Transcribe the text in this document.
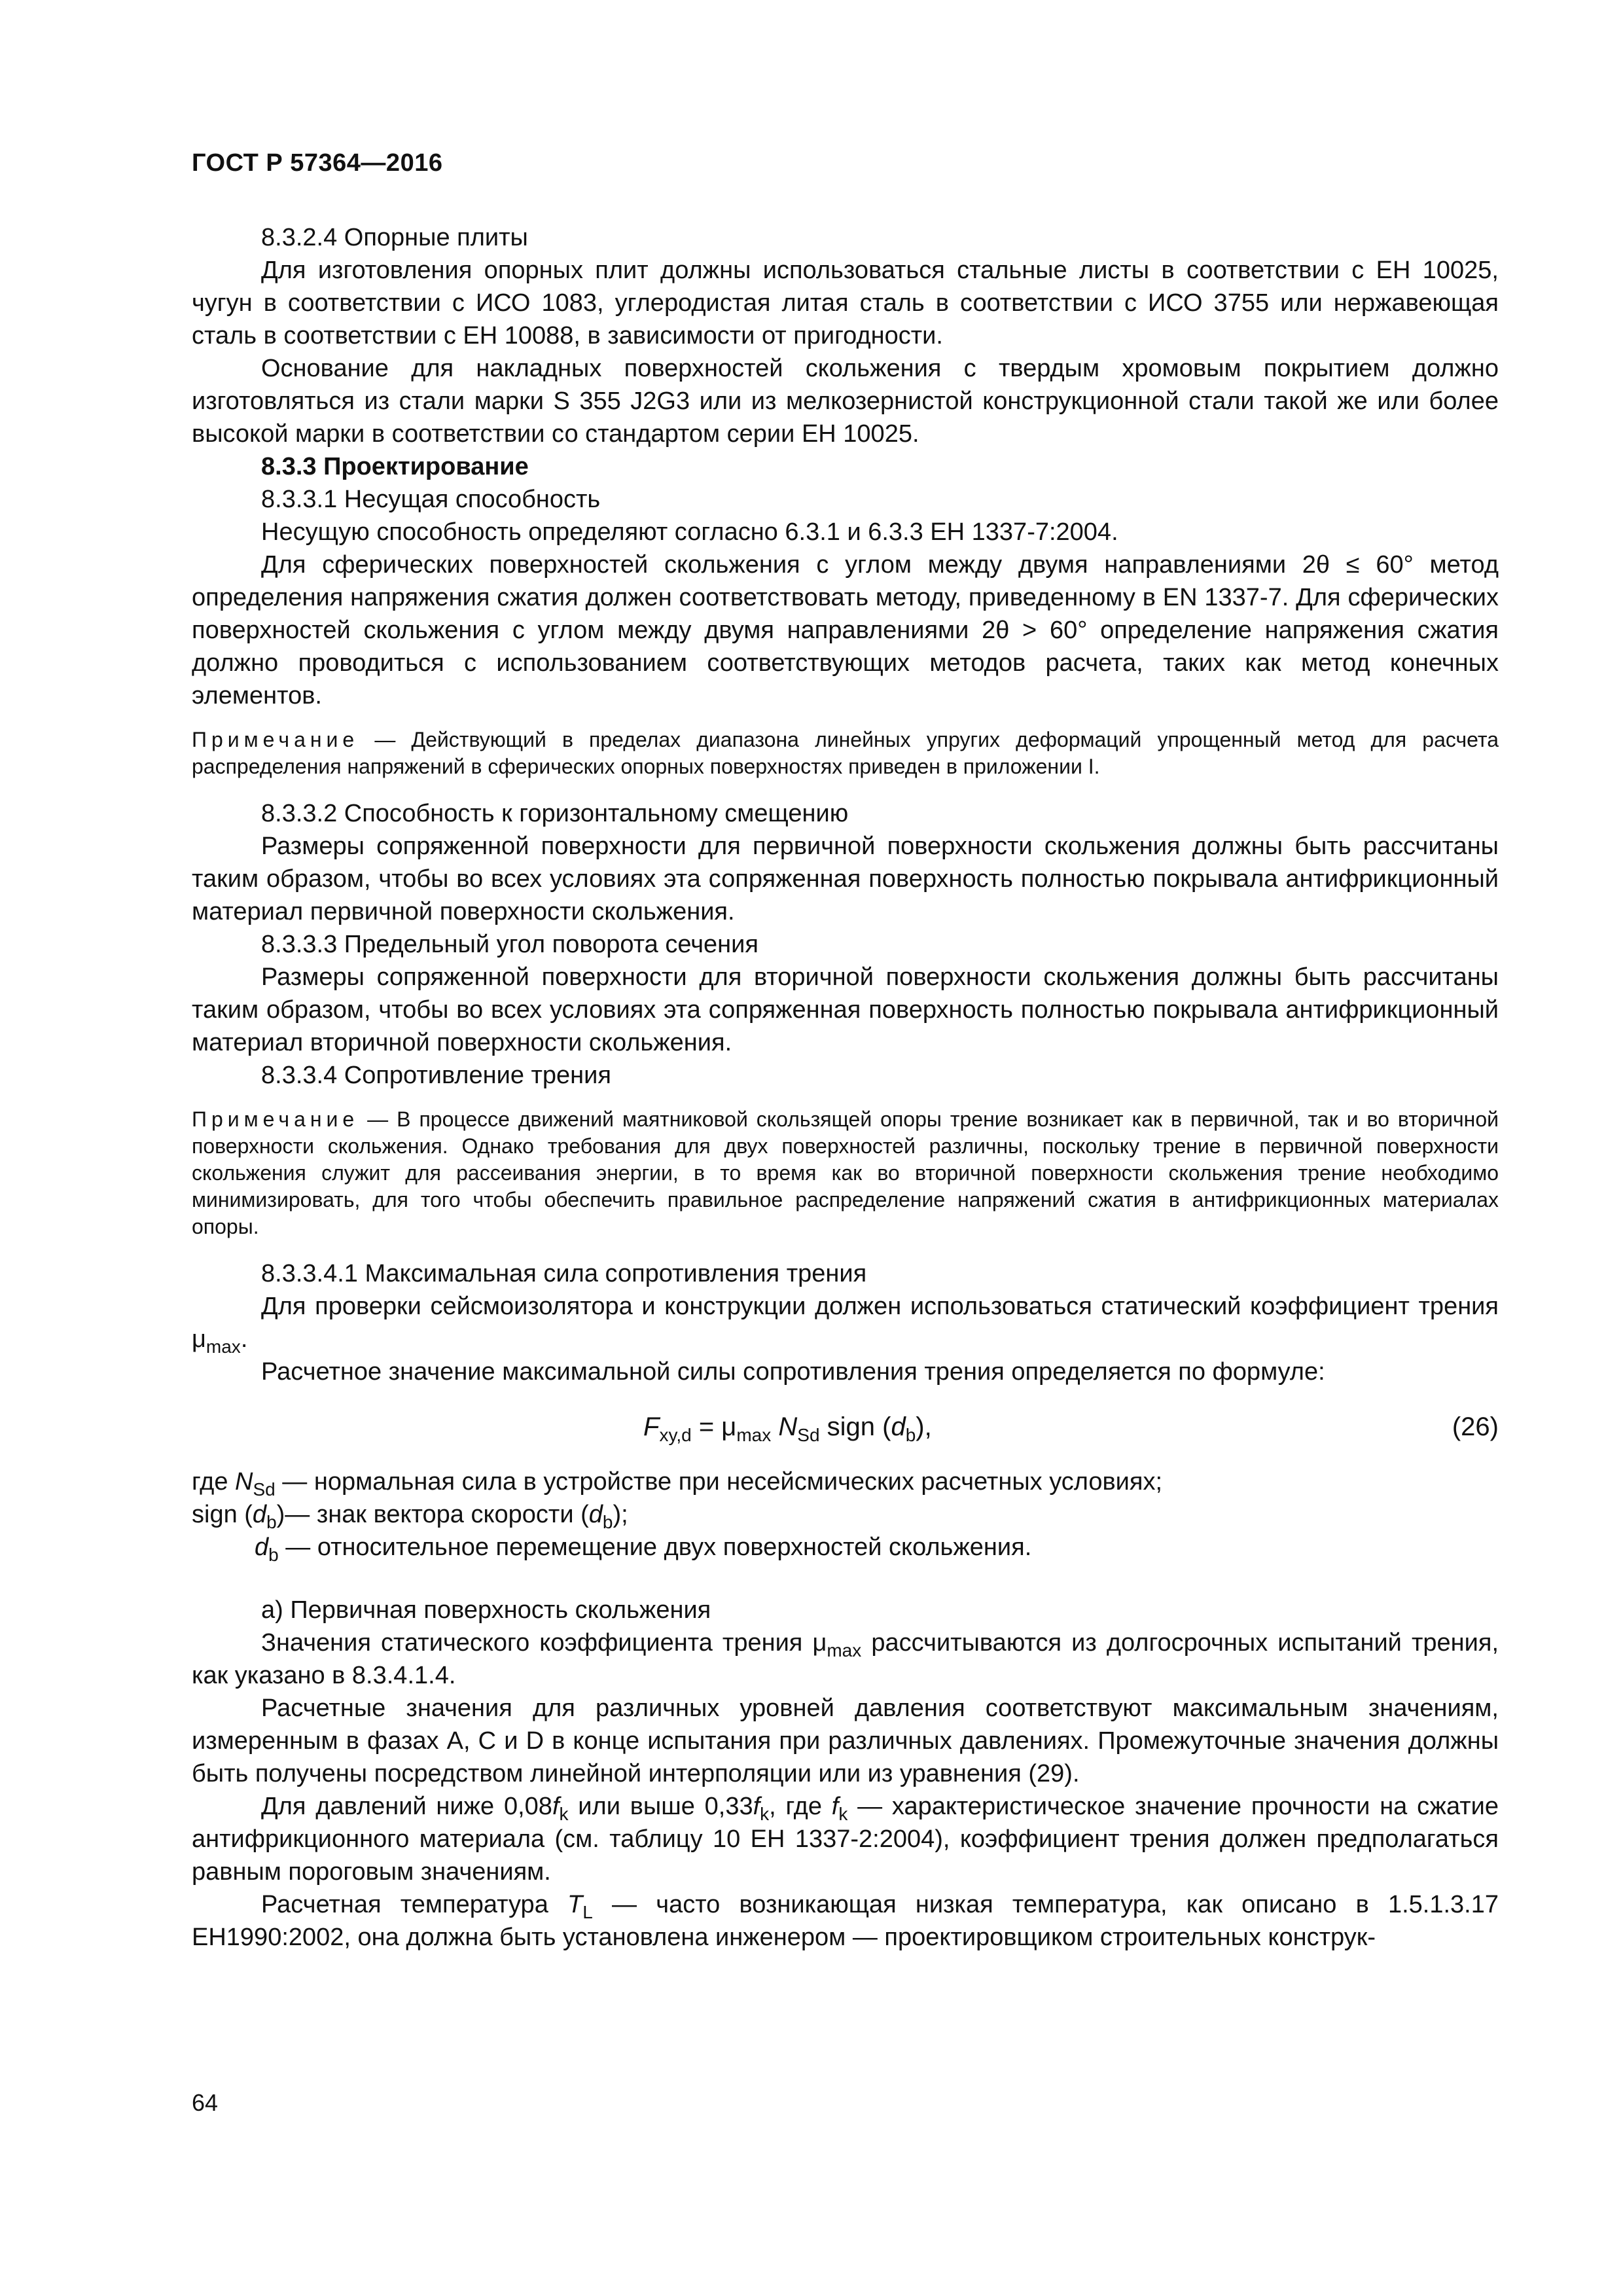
ГОСТ Р 57364—2016

8.3.2.4 Опорные плиты

Для изготовления опорных плит должны использоваться стальные листы в соответствии с ЕН 10025, чугун в соответствии с ИСО 1083, углеродистая литая сталь в соответствии с ИСО 3755 или нержавеющая сталь в соответствии с ЕН 10088, в зависимости от пригодности.

Основание для накладных поверхностей скольжения с твердым хромовым покрытием должно изготовляться из стали марки S 355 J2G3 или из мелкозернистой конструкционной стали такой же или более высокой марки в соответствии со стандартом серии ЕН 10025.

8.3.3 Проектирование

8.3.3.1 Несущая способность

Несущую способность определяют согласно 6.3.1 и 6.3.3 ЕН 1337-7:2004.

Для сферических поверхностей скольжения с углом между двумя направлениями 2θ ≤ 60° метод определения напряжения сжатия должен соответствовать методу, приведенному в EN 1337-7. Для сферических поверхностей скольжения с углом между двумя направлениями 2θ > 60° определение напряжения сжатия должно проводиться с использованием соответствующих методов расчета, таких как метод конечных элементов.

Примечание — Действующий в пределах диапазона линейных упругих деформаций упрощенный метод для расчета распределения напряжений в сферических опорных поверхностях приведен в приложении I.

8.3.3.2 Способность к горизонтальному смещению

Размеры сопряженной поверхности для первичной поверхности скольжения должны быть рассчитаны таким образом, чтобы во всех условиях эта сопряженная поверхность полностью покрывала антифрикционный материал первичной поверхности скольжения.

8.3.3.3 Предельный угол поворота сечения

Размеры сопряженной поверхности для вторичной поверхности скольжения должны быть рассчитаны таким образом, чтобы во всех условиях эта сопряженная поверхность полностью покрывала антифрикционный материал вторичной поверхности скольжения.

8.3.3.4 Сопротивление трения

Примечание — В процессе движений маятниковой скользящей опоры трение возникает как в первичной, так и во вторичной поверхности скольжения. Однако требования для двух поверхностей различны, поскольку трение в первичной поверхности скольжения служит для рассеивания энергии, в то время как во вторичной поверхности скольжения трение необходимо минимизировать, для того чтобы обеспечить правильное распределение напряжений сжатия в антифрикционных материалах опоры.

8.3.3.4.1 Максимальная сила сопротивления трения

Для проверки сейсмоизолятора и конструкции должен использоваться статический коэффициент трения $\mu_{max}$.

Расчетное значение максимальной силы сопротивления трения определяется по формуле:

$F_{xy,d} = \mu_{max}$ $N_{Sd}$ sign $(d_b)$,	(26)
где $N_{Sd}$ — нормальная сила в устройстве при несейсмических расчетных условиях;
sign $(d_b)—$ знак вектора скорости $(d_b)$;
$d_b$ — относительное перемещение двух поверхностей скольжения.

а) Первичная поверхность скольжения

Значения статического коэффициента трения $\mu_{max}$ рассчитываются из долгосрочных испытаний трения, как указано в 8.3.4.1.4.

Расчетные значения для различных уровней давления соответствуют максимальным значениям, измеренным в фазах А, С и D в конце испытания при различных давлениях. Промежуточные значения должны быть получены посредством линейной интерполяции или из уравнения (29).

Для давлений ниже $0,08f_k$ или выше $0,33f_k$, где $f_k$ — характеристическое значение прочности на сжатие антифрикционного материала (см. таблицу 10 ЕН 1337-2:2004), коэффициент трения должен предполагаться равным пороговым значениям.

Расчетная температура $T_L$ — часто возникающая низкая температура, как описано в 1.5.1.3.17 ЕН1990:2002, она должна быть установлена инженером — проектировщиком строительных конструк-

64
